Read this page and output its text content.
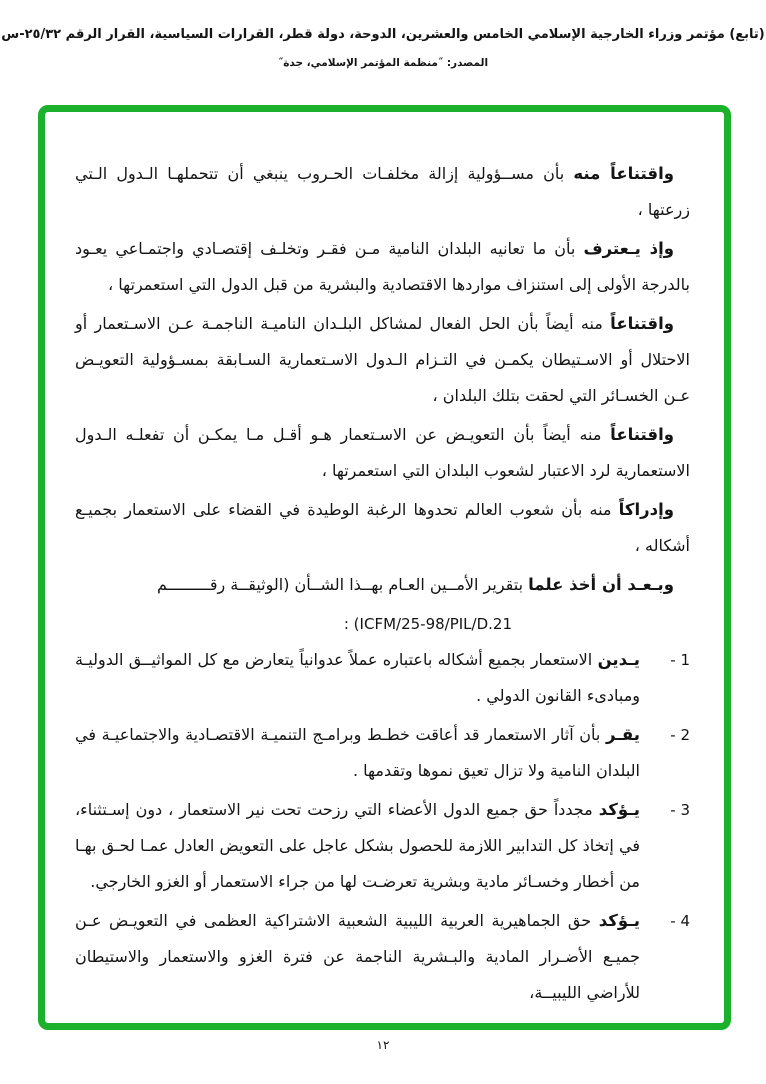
(تابع) مؤتمر وزراء الخارجية الإسلامي الخامس والعشرين، الدوحة، دولة قطر، القرارات السياسية، القرار الرقم ٢٥/٣٢-س
المصدر: ˝منظمة المؤتمر الإسلامي، جدة˝

واقتناعاً منه بأن مســؤولية إزالة مخلفـات الحـروب ينبغي أن تتحملهـا الـدول الـتي زرعتها ،

وإذ يـعترف بأن ما تعانيه البلدان النامية مـن فقـر وتخلـف إقتصـادي واجتمـاعي يعـود بالدرجة الأولى إلى استنزاف مواردها الاقتصادية والبشرية من قبل الدول التي استعمرتها ،

واقتناعاً منه أيضاً بأن الحل الفعال لمشاكل البلـدان الناميـة الناجمـة عـن الاسـتعمار أو الاحتلال أو الاسـتيطان يكمـن في التـزام الـدول الاسـتعمارية السـابقة بمسـؤولية التعويـض عـن الخسـائر التي لحقت بتلك البلدان ،

واقتناعاً منه أيضاً بأن التعويـض عن الاسـتعمار هـو أقـل مـا يمكـن أن تفعلـه الـدول الاستعمارية لرد الاعتبار لشعوب البلدان التي استعمرتها ،

وإدراكاً منه بأن شعوب العالم تحدوها الرغبة الوطيدة في القضاء على الاستعمار بجميـع أشكاله ،

وبـعـد أن أخذ علما بتقرير الأمــين العـام بهــذا الشــأن (الوثيقــة رقـــــــــم

ICFM/25-98/PIL/D.21) :
1 -
يـدين الاستعمار بجميع أشكاله باعتباره عملاً عدوانياً يتعارض مع كل المواثيــق الدوليـة ومبادىء القانون الدولي .
2 -
يقـر بأن آثار الاستعمار قد أعاقت خطـط وبرامـج التنميـة الاقتصـادية والاجتماعيـة في البلدان النامية ولا تزال تعيق نموها وتقدمها .
3 -
يـؤكد مجدداً حق جميع الدول الأعضاء التي رزحت تحت نير الاستعمار ، دون إسـتثناء، في إتخاذ كل التدابير اللازمة للحصول بشكل عاجل على التعويض العادل عمـا لحـق بهـا من أخطار وخسـائر مادية وبشرية تعرضـت لها من جراء الاستعمار أو الغزو الخارجي.
4 -
يـؤكد حق الجماهيرية العربية الليبية الشعبية الاشتراكية العظمى في التعويـض عـن جميـع الأضـرار المادية والبـشرية الناجمة عن فترة الغزو والاستعمار والاستيطان للأراضي الليبيــة،
١٢
